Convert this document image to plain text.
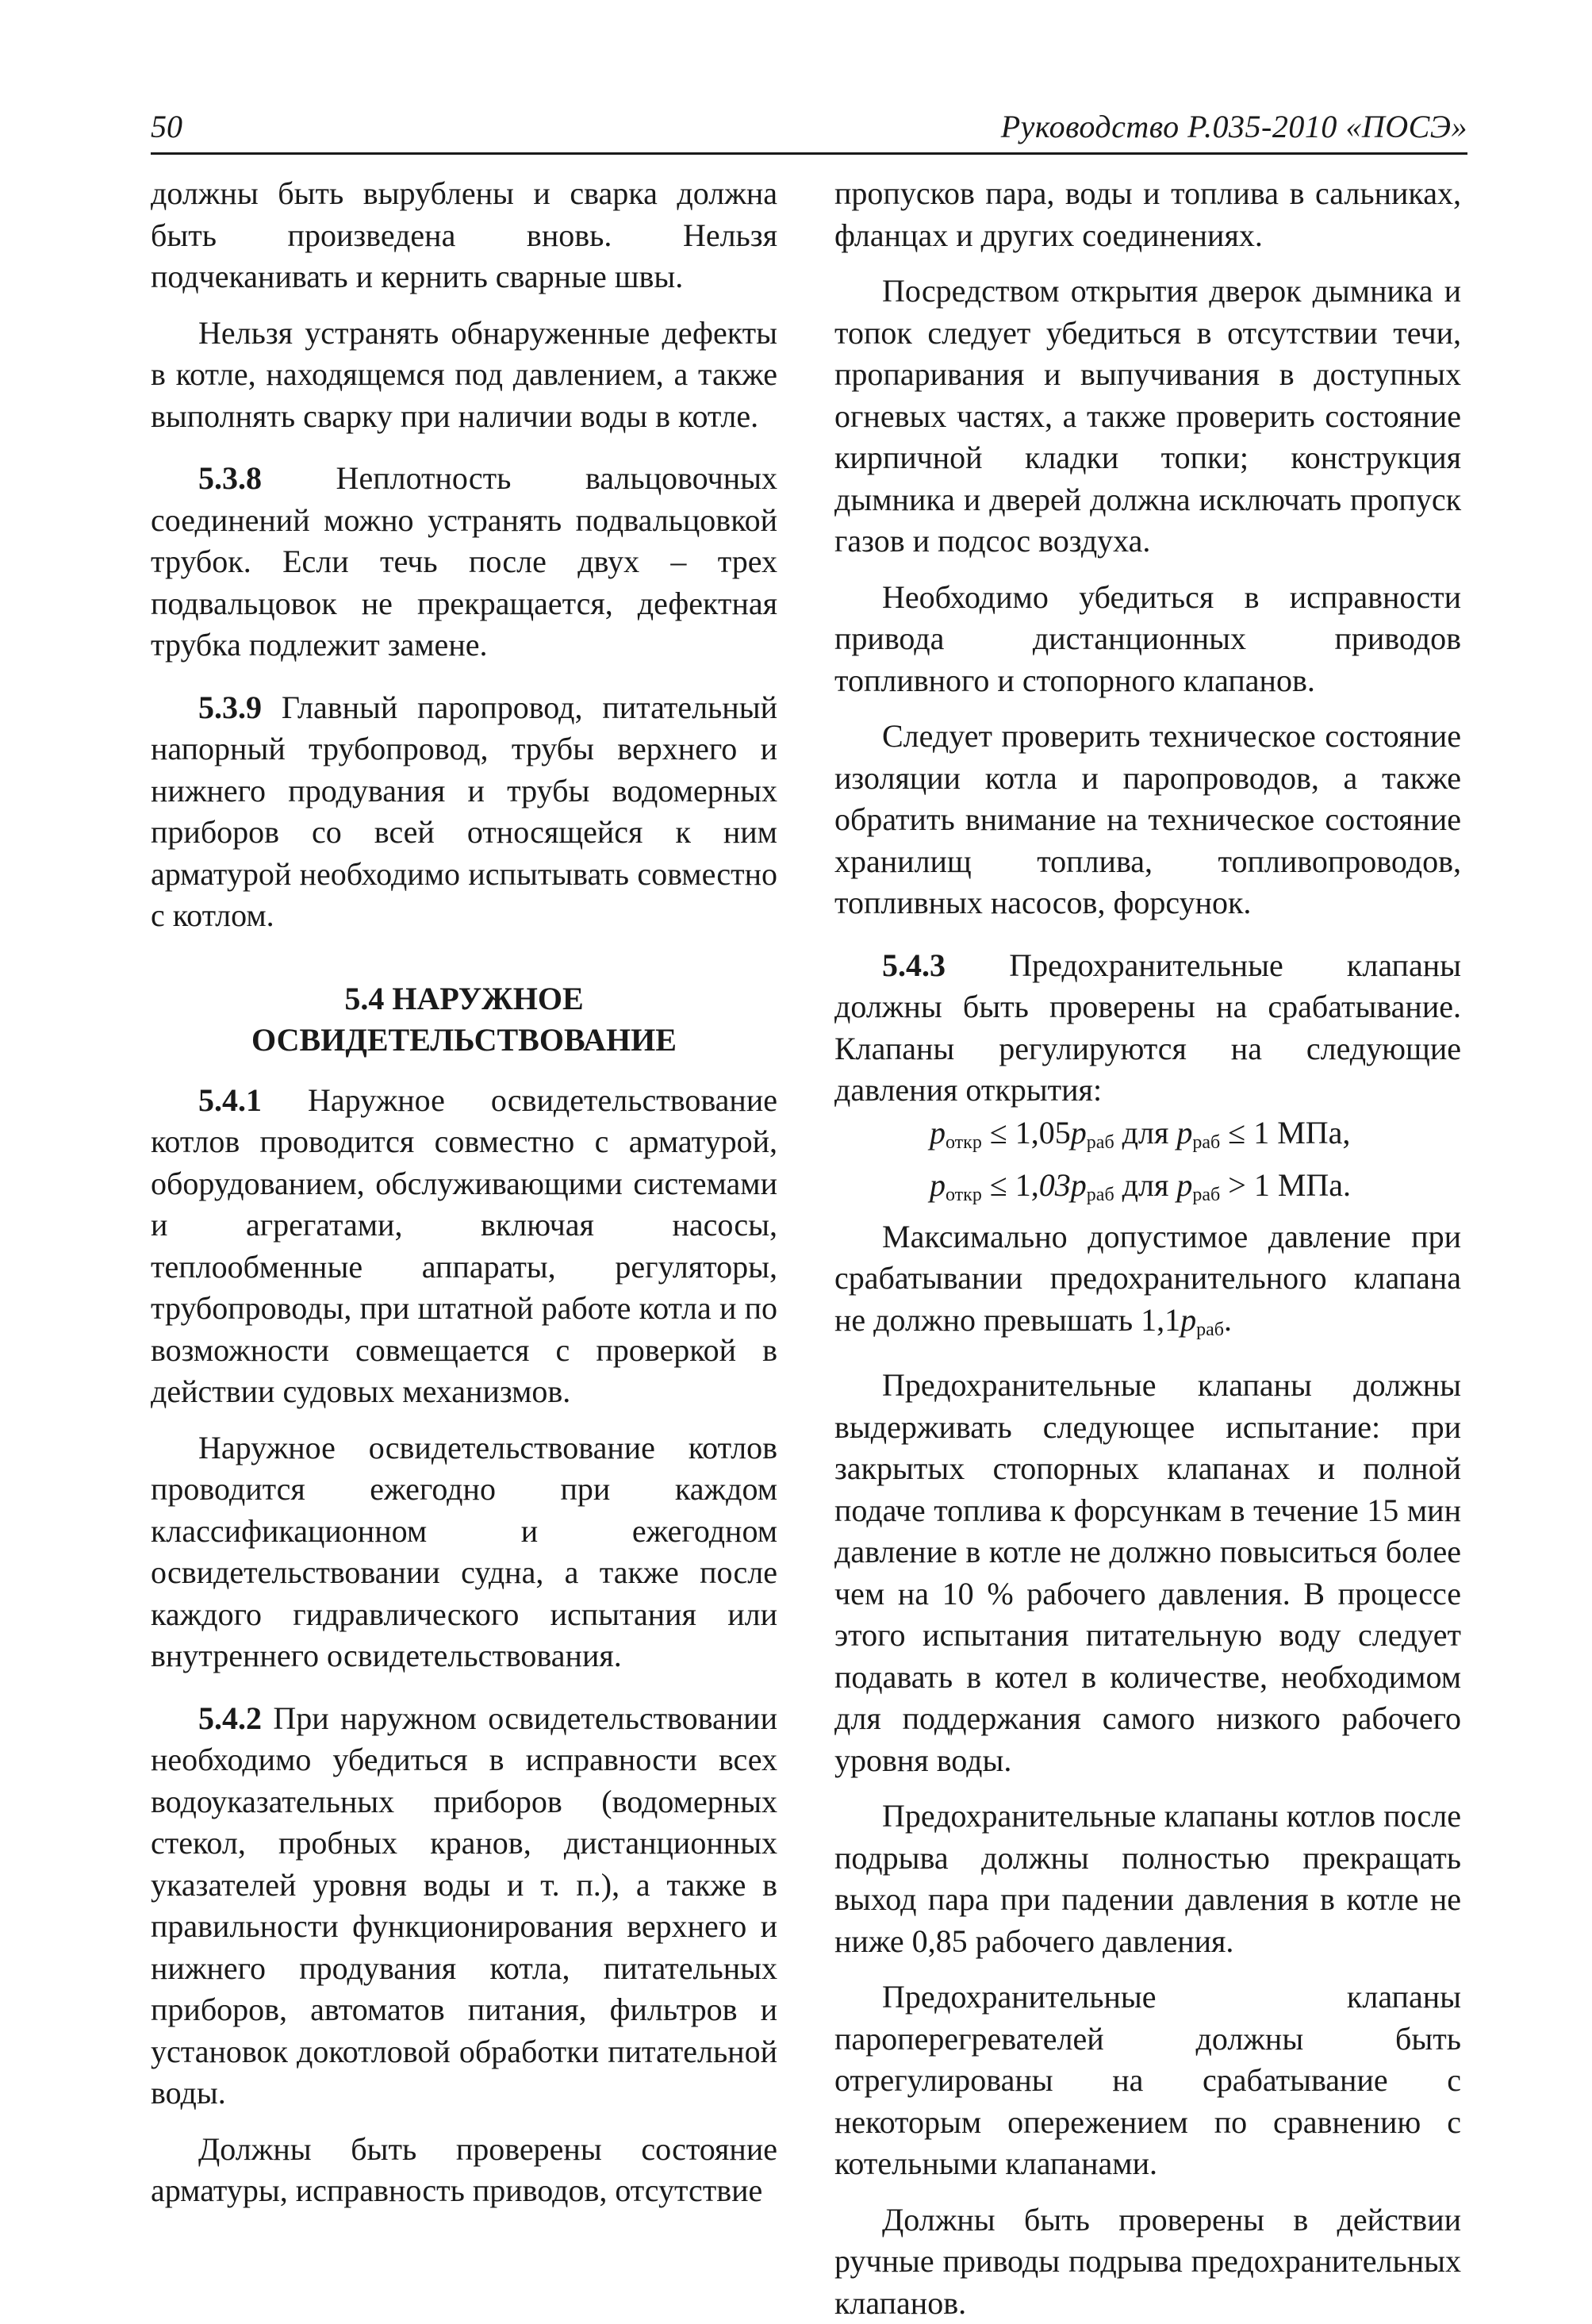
50	Руководство Р.035-2010 «ПОСЭ»

должны быть вырублены и сварка должна быть произведена вновь. Нельзя подчеканивать и кернить сварные швы.

Нельзя устранять обнаруженные дефекты в котле, находящемся под давлением, а также выполнять сварку при наличии воды в котле.

5.3.8 Неплотность вальцовочных соединений можно устранять подвальцовкой трубок. Если течь после двух – трех подвальцовок не прекращается, дефектная трубка подлежит замене.

5.3.9 Главный паропровод, питательный напорный трубопровод, трубы верхнего и нижнего продувания и трубы водомерных приборов со всей относящейся к ним арматурой необходимо испытывать совместно с котлом.

5.4 НАРУЖНОЕ
ОСВИДЕТЕЛЬСТВОВАНИЕ

5.4.1 Наружное освидетельствование котлов проводится совместно с арматурой, оборудованием, обслуживающими системами и агрегатами, включая насосы, теплообменные аппараты, регуляторы, трубопроводы, при штатной работе котла и по возможности совмещается с проверкой в действии судовых механизмов.

Наружное освидетельствование котлов проводится ежегодно при каждом классификационном и ежегодном освидетельствовании судна, а также после каждого гидравлического испытания или внутреннего освидетельствования.

5.4.2 При наружном освидетельствовании необходимо убедиться в исправности всех водоуказательных приборов (водомерных стекол, пробных кранов, дистанционных указателей уровня воды и т. п.), а также в правильности функционирования верхнего и нижнего продувания котла, питательных приборов, автоматов питания, фильтров и установок докотловой обработки питательной воды.

Должны быть проверены состояние арматуры, исправность приводов, отсутствие

пропусков пара, воды и топлива в сальниках, фланцах и других соединениях.

Посредством открытия дверок дымника и топок следует убедиться в отсутствии течи, пропаривания и выпучивания в доступных огневых частях, а также проверить состояние кирпичной кладки топки; конструкция дымника и дверей должна исключать пропуск газов и подсос воздуха.

Необходимо убедиться в исправности привода дистанционных приводов топливного и стопорного клапанов.

Следует проверить техническое состояние изоляции котла и паропроводов, а также обратить внимание на техническое состояние хранилищ топлива, топливопроводов, топливных насосов, форсунок.

5.4.3 Предохранительные клапаны должны быть проверены на срабатывание. Клапаны регулируются на следующие давления открытия:

$p_{откр} \le 1,05p_{раб}$ для $p_{раб} \le 1$ МПа,

$p_{откр} \le 1,03p_{раб}$ для $p_{раб} > 1$ МПа.

Максимально допустимое давление при срабатывании предохранительного клапана не должно превышать $1,1p_{раб}$.

Предохранительные клапаны должны выдерживать следующее испытание: при закрытых стопорных клапанах и полной подаче топлива к форсункам в течение 15 мин давление в котле не должно повыситься более чем на 10 % рабочего давления. В процессе этого испытания питательную воду следует подавать в котел в количестве, необходимом для поддержания самого низкого рабочего уровня воды.

Предохранительные клапаны котлов после подрыва должны полностью прекращать выход пара при падении давления в котле не ниже 0,85 рабочего давления.

Предохранительные клапаны пароперегревателей должны быть отрегулированы на срабатывание с некоторым опережением по сравнению с котельными клапанами.

Должны быть проверены в действии ручные приводы подрыва предохранительных клапанов.
